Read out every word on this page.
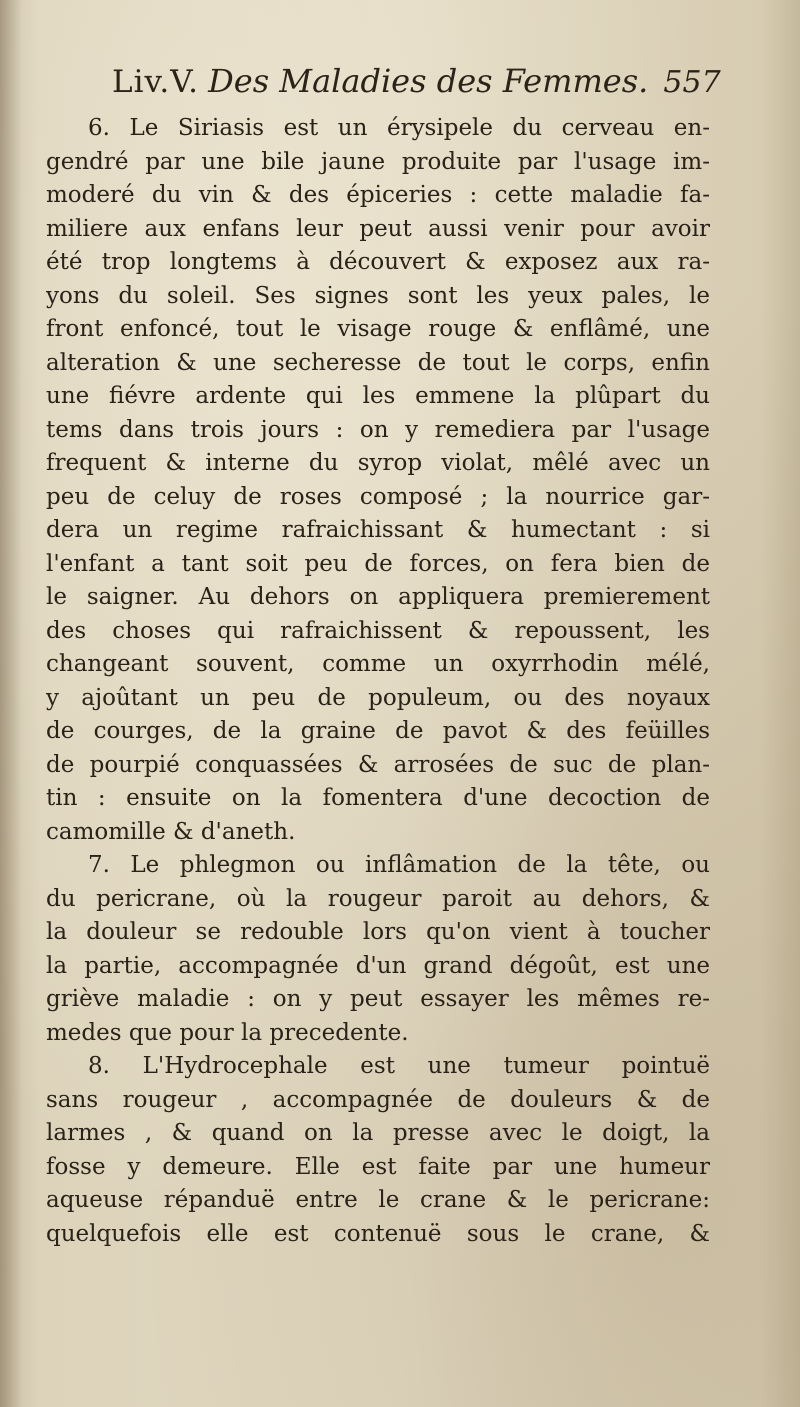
Liv.V. Des Maladies des Femmes. 557
6. Le Siriasis est un érysipele du cerveau en-
gendré par une bile jaune produite par l'usage im-
moderé du vin & des épiceries : cette maladie fa-
miliere aux enfans leur peut aussi venir pour avoir
été trop longtems à découvert & exposez aux ra-
yons du soleil. Ses signes sont les yeux pales, le
front enfoncé, tout le visage rouge & enflâmé, une
alteration & une secheresse de tout le corps, enfin
une fiévre ardente qui les emmene la plûpart du
tems dans trois jours : on y remediera par l'usage
frequent & interne du syrop violat, mêlé avec un
peu de celuy de roses composé ; la nourrice gar-
dera un regime rafraichissant & humectant : si
l'enfant a tant soit peu de forces, on fera bien de
le saigner. Au dehors on appliquera premierement
des choses qui rafraichissent & repoussent, les
changeant souvent, comme un oxyrrhodin mélé,
y ajoûtant un peu de populeum, ou des noyaux
de courges, de la graine de pavot & des feüilles
de pourpié conquassées & arrosées de suc de plan-
tin : ensuite on la fomentera d'une decoction de
camomille & d'aneth.
7. Le phlegmon ou inflâmation de la tête, ou
du pericrane, où la rougeur paroit au dehors, &
la douleur se redouble lors qu'on vient à toucher
la partie, accompagnée d'un grand dégoût, est une
griève maladie : on y peut essayer les mêmes re-
medes que pour la precedente.
8. L'Hydrocephale est une tumeur pointuë
sans rougeur , accompagnée de douleurs & de
larmes , & quand on la presse avec le doigt, la
fosse y demeure. Elle est faite par une humeur
aqueuse répanduë entre le crane & le pericrane:
quelquefois elle est contenuë sous le crane, &
